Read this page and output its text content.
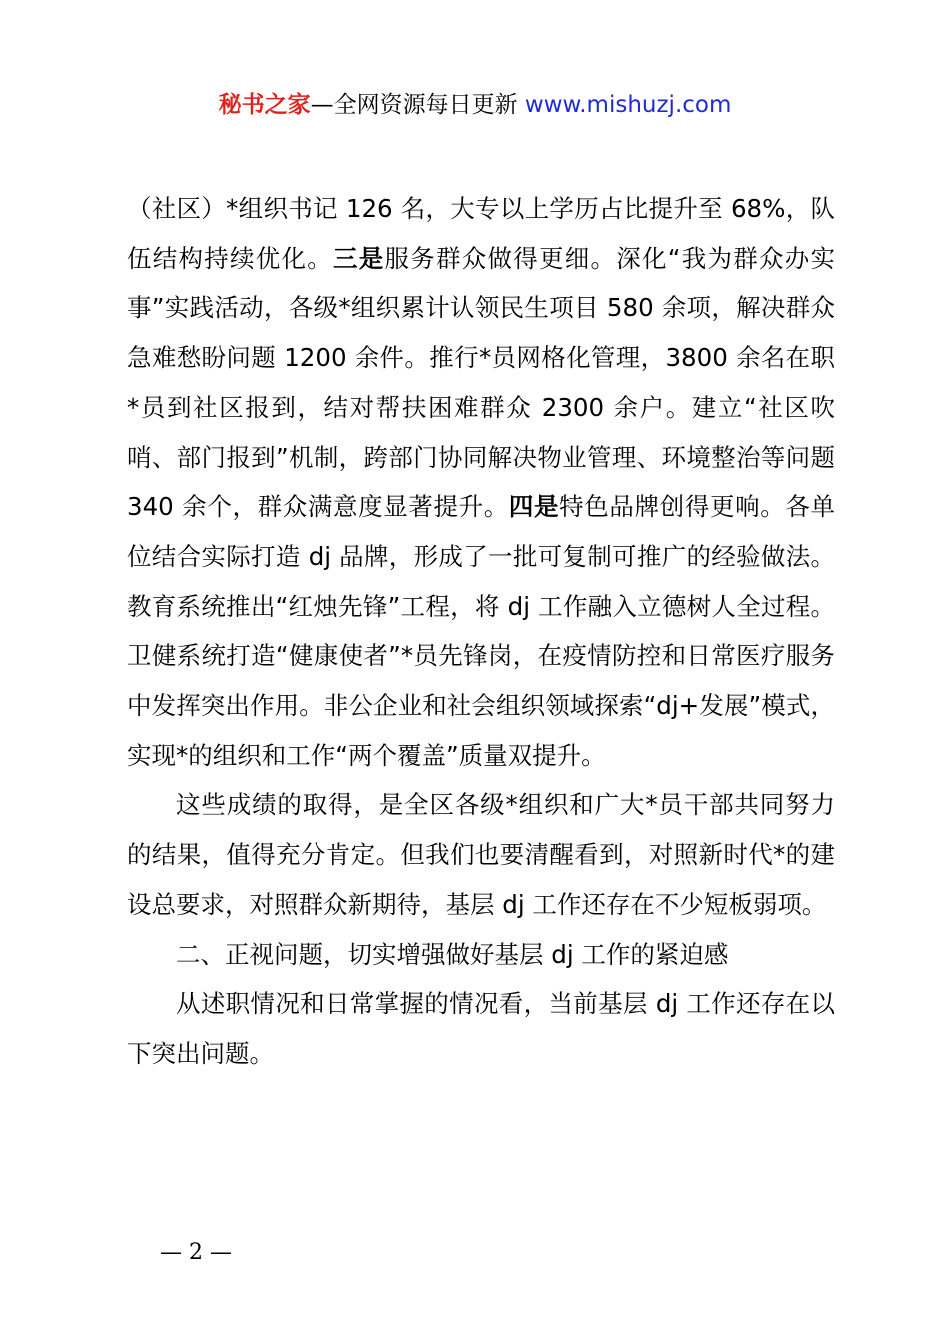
秘书之家—全网资源每日更新 www.mishuzj.com

（社区）*组织书记 126 名，大专以上学历占比提升至 68%，队伍结构持续优化。三是服务群众做得更细。深化“我为群众办实事”实践活动，各级*组织累计认领民生项目 580 余项，解决群众急难愁盼问题 1200 余件。推行*员网格化管理，3800 余名在职*员到社区报到，结对帮扶困难群众 2300 余户。建立“社区吹哨、部门报到”机制，跨部门协同解决物业管理、环境整治等问题 340 余个，群众满意度显著提升。四是特色品牌创得更响。各单位结合实际打造 dj 品牌，形成了一批可复制可推广的经验做法。教育系统推出“红烛先锋”工程，将 dj 工作融入立德树人全过程。卫健系统打造“健康使者”*员先锋岗，在疫情防控和日常医疗服务中发挥突出作用。非公企业和社会组织领域探索“dj+发展”模式，实现*的组织和工作“两个覆盖”质量双提升。

这些成绩的取得，是全区各级*组织和广大*员干部共同努力的结果，值得充分肯定。但我们也要清醒看到，对照新时代*的建设总要求，对照群众新期待，基层 dj 工作还存在不少短板弱项。

二、正视问题，切实增强做好基层 dj 工作的紧迫感

从述职情况和日常掌握的情况看，当前基层 dj 工作还存在以下突出问题。

— 2 —
